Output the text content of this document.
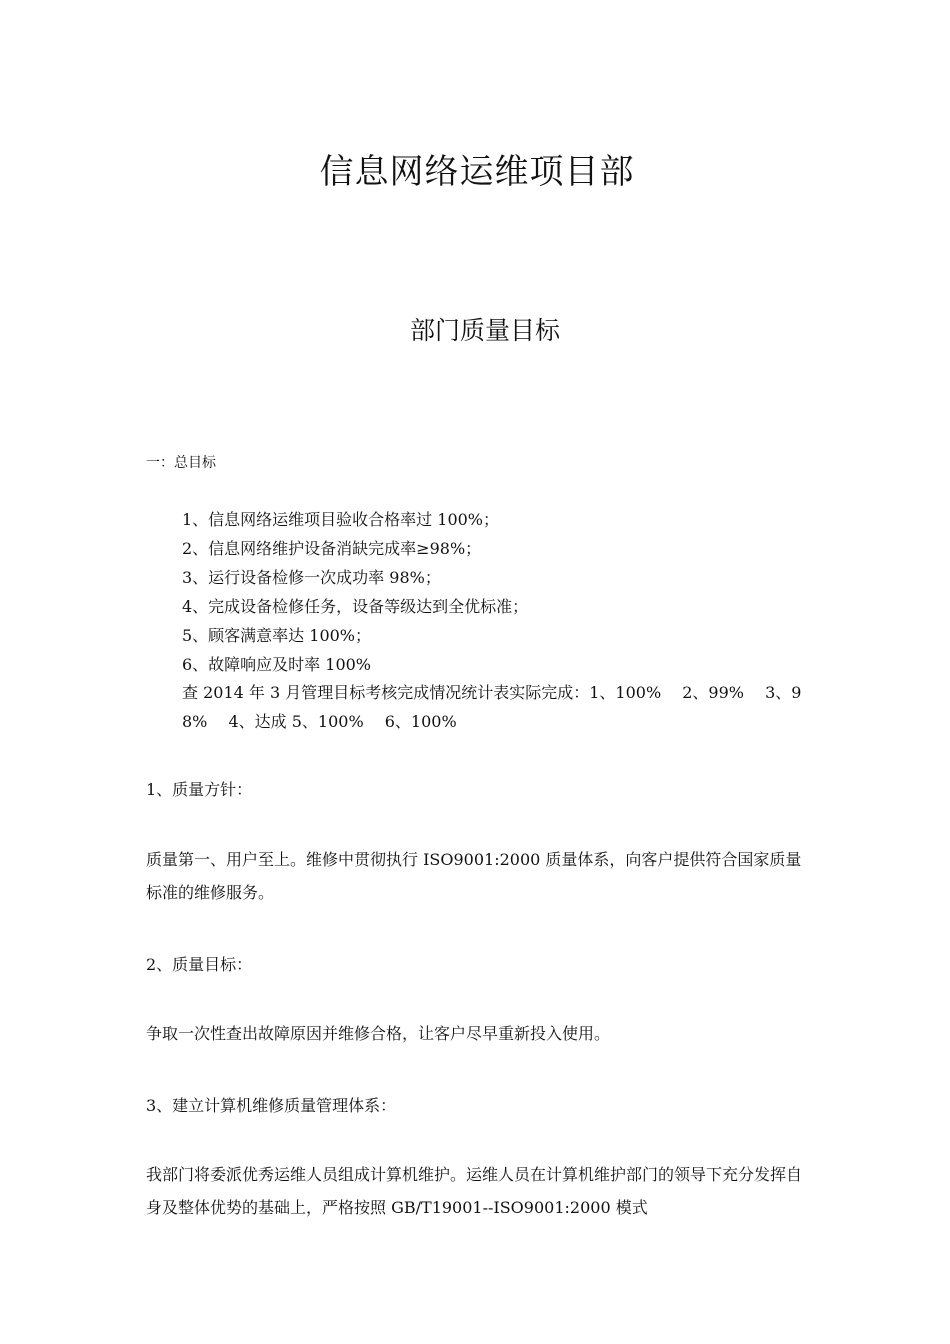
信息网络运维项目部
部门质量目标
一：总目标
1、信息网络运维项目验收合格率过 100%；
2、信息网络维护设备消缺完成率≥98%；
3、运行设备检修一次成功率 98%；
4、完成设备检修任务，设备等级达到全优标准；
5、顾客满意率达 100%；
6、故障响应及时率 100%
查 2014 年 3 月管理目标考核完成情况统计表实际完成：1、100%　 2、99%　 3、98%　 4、达成 5、100%　 6、100%

1、质量方针：

质量第一、用户至上。维修中贯彻执行 ISO9001:2000 质量体系，向客户提供符合国家质量标准的维修服务。

2、质量目标：

争取一次性查出故障原因并维修合格，让客户尽早重新投入使用。

3、建立计算机维修质量管理体系：

我部门将委派优秀运维人员组成计算机维护。运维人员在计算机维护部门的领导下充分发挥自身及整体优势的基础上，严格按照 GB/T19001--ISO9001:2000 模式
